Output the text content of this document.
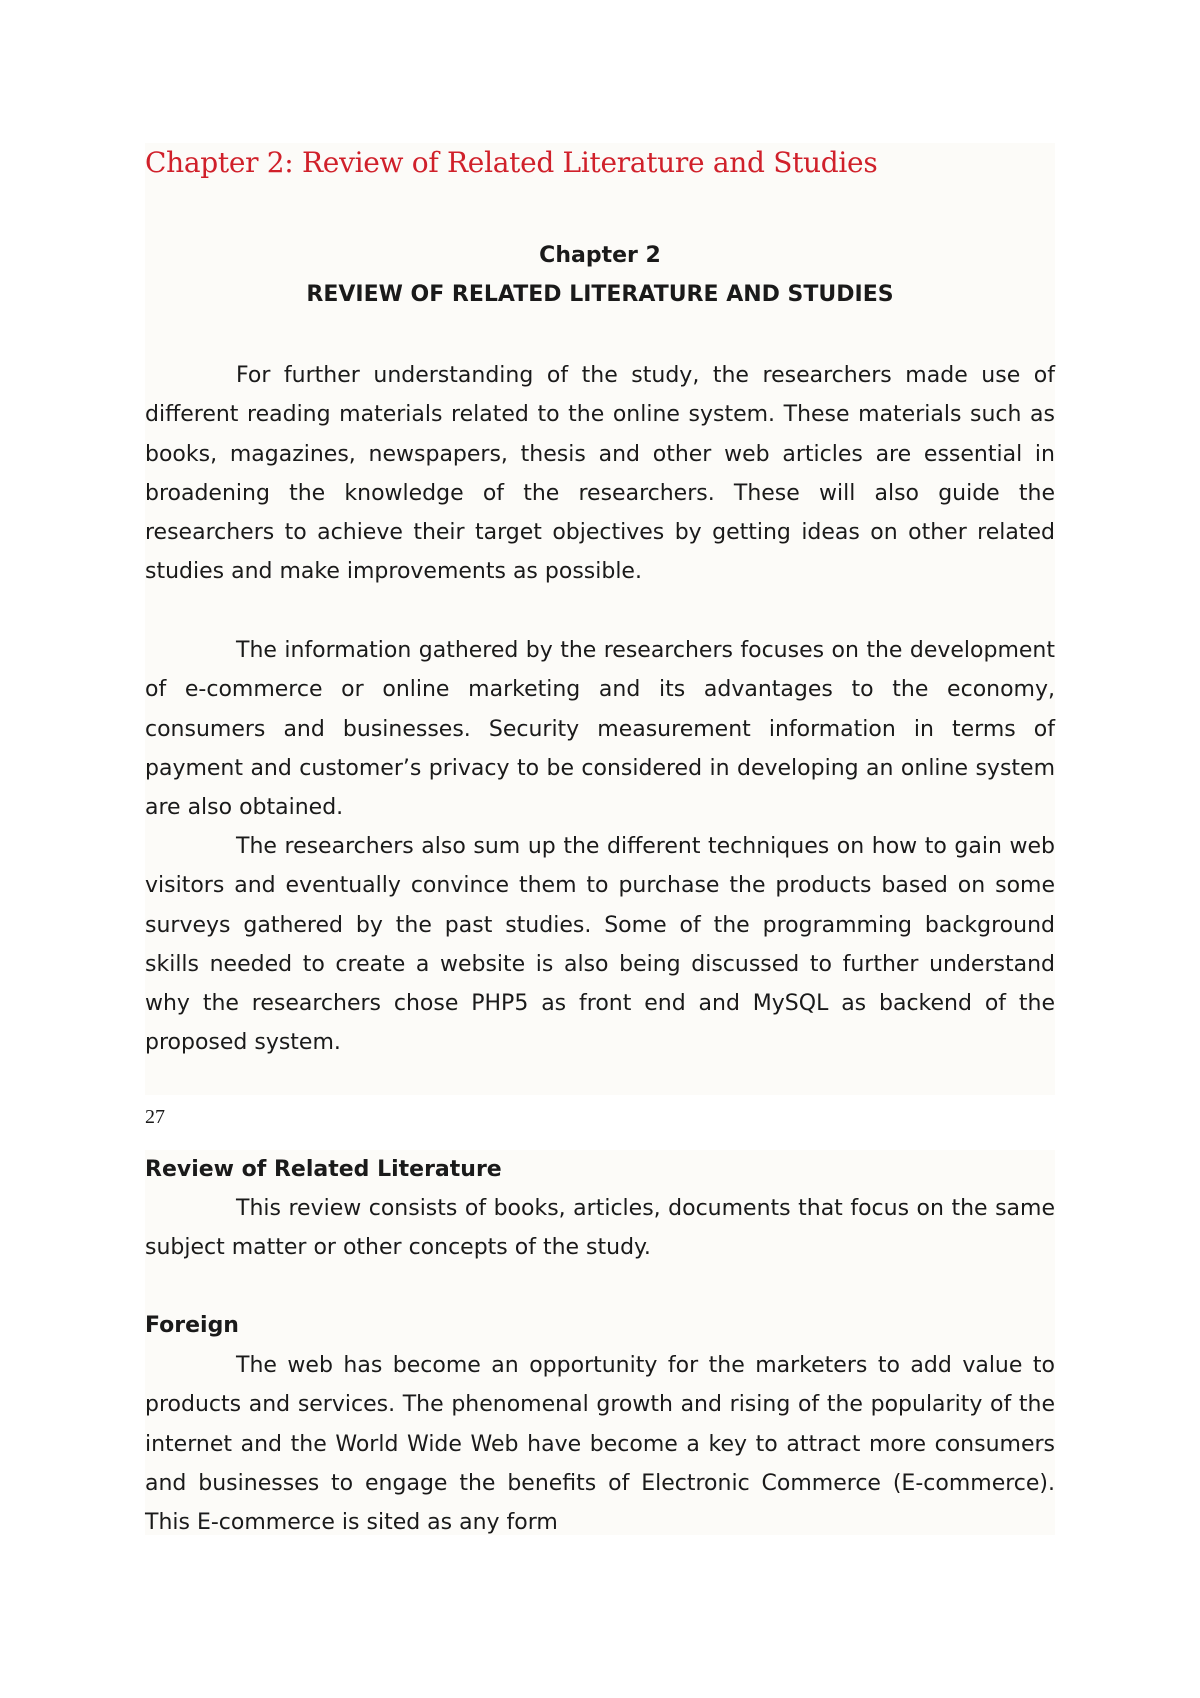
Chapter 2: Review of Related Literature and Studies
Chapter 2
REVIEW OF RELATED LITERATURE AND STUDIES

For further understanding of the study, the researchers made use of different reading materials related to the online system. These materials such as books, magazines, newspapers, thesis and other web articles are essential in broadening the knowledge of the researchers. These will also guide the researchers to achieve their target objectives by getting ideas on other related studies and make improvements as possible.

The information gathered by the researchers focuses on the development of e-commerce or online marketing and its advantages to the economy, consumers and businesses. Security measurement information in terms of payment and customer’s privacy to be considered in developing an online system are also obtained.

The researchers also sum up the different techniques on how to gain web visitors and eventually convince them to purchase the products based on some surveys gathered by the past studies. Some of the programming background skills needed to create a website is also being discussed to further understand why the researchers chose PHP5 as front end and MySQL as backend of the proposed system.

27
Review of Related Literature

This review consists of books, articles, documents that focus on the same subject matter or other concepts of the study.

Foreign

The web has become an opportunity for the marketers to add value to products and services. The phenomenal growth and rising of the popularity of the internet and the World Wide Web have become a key to attract more consumers and businesses to engage the benefits of Electronic Commerce (E-commerce). This E-commerce is sited as any form
